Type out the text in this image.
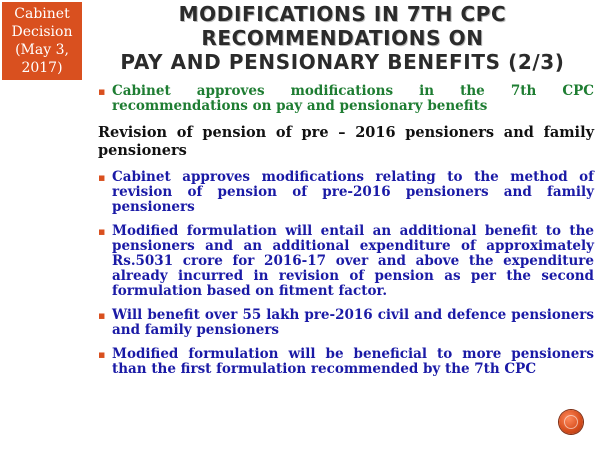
Cabinet
Decision
(May 3,
2017)
MODIFICATIONS IN 7TH CPC
RECOMMENDATIONS ON
PAY AND PENSIONARY BENEFITS (2/3)
▪ Cabinet approves modifications in the 7th CPC recommendations on pay and pensionary benefits
Revision of pension of pre – 2016 pensioners and family pensioners
▪ Cabinet approves modifications relating to the method of revision of pension of pre-2016 pensioners and family pensioners
▪ Modified formulation will entail an additional benefit to the pensioners and an additional expenditure of approximately Rs.5031 crore for 2016-17 over and above the expenditure already incurred in revision of pension as per the second formulation based on fitment factor.
▪ Will benefit over 55 lakh pre-2016 civil and defence pensioners and family pensioners
▪ Modified formulation will be beneficial to more pensioners than the first formulation recommended by the 7th CPC
